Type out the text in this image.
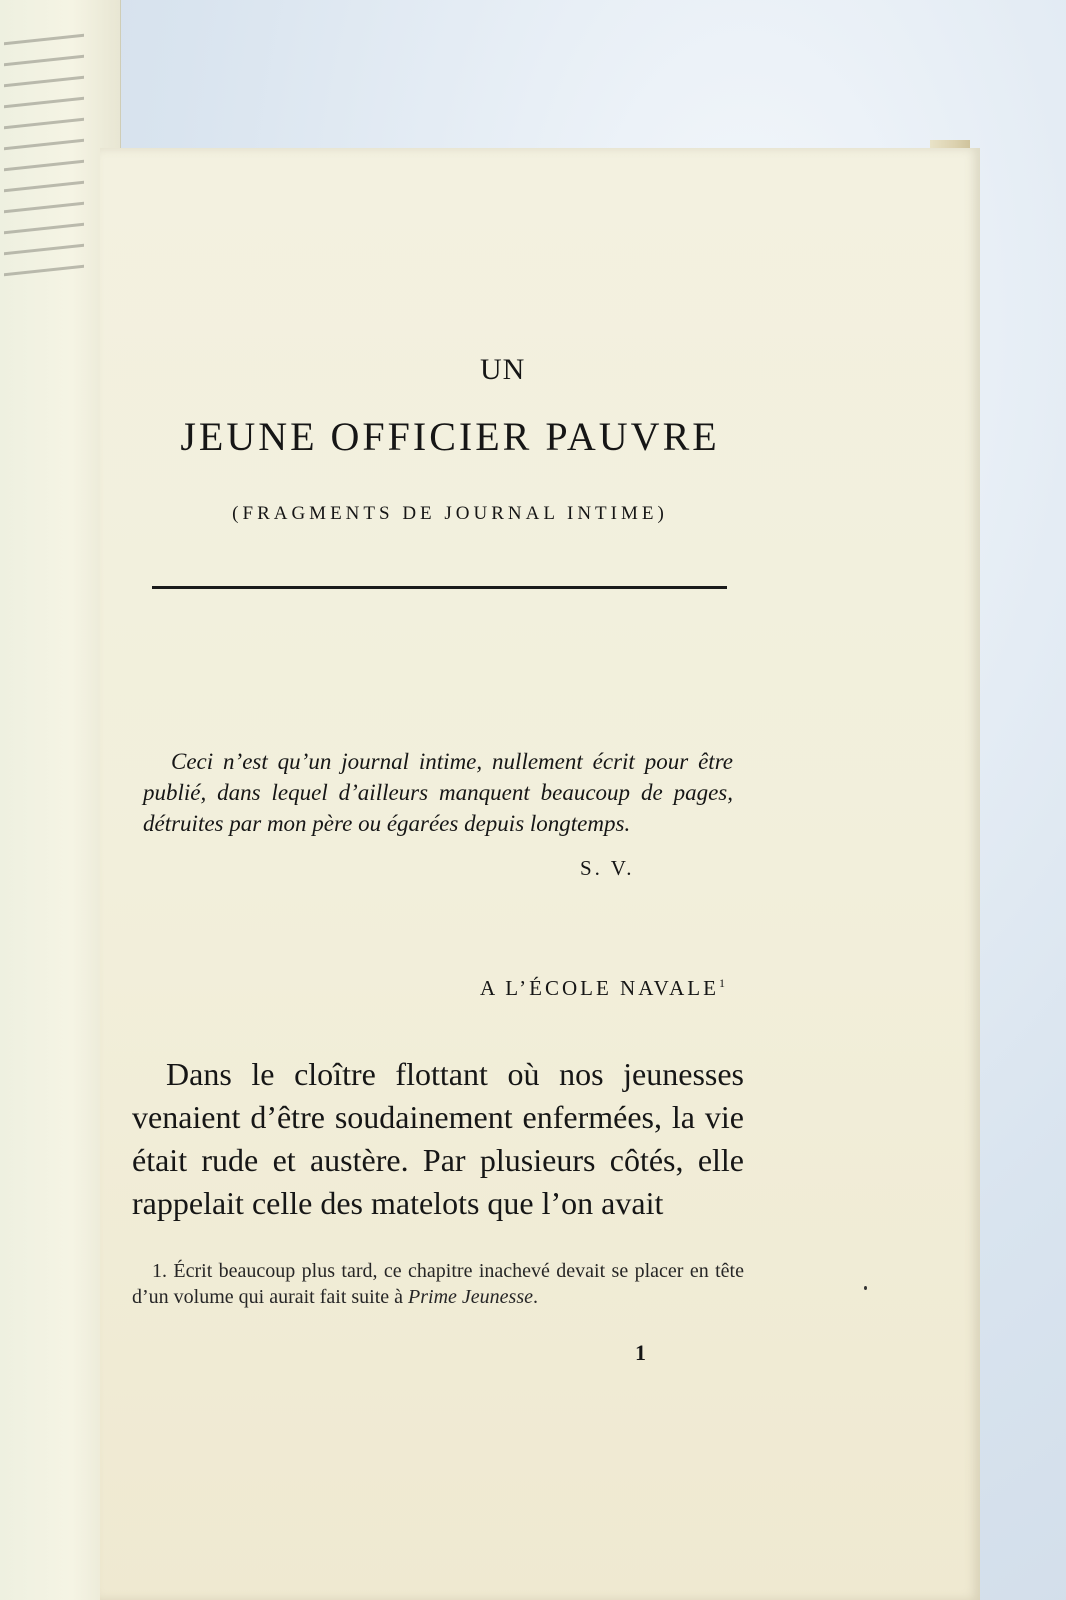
UN
JEUNE OFFICIER PAUVRE
(FRAGMENTS DE JOURNAL INTIME)
Ceci n’est qu’un journal intime, nullement écrit pour être publié, dans lequel d’ailleurs manquent beaucoup de pages, détruites par mon père ou égarées depuis longtemps.
S. V.
A L’ÉCOLE NAVALE$^1$
Dans le cloître flottant où nos jeunesses venaient d’être soudainement enfermées, la vie était rude et austère. Par plusieurs côtés, elle rappelait celle des matelots que l’on avait
1. Écrit beaucoup plus tard, ce chapitre inachevé devait se placer en tête d’un volume qui aurait fait suite à Prime Jeunesse.
1
